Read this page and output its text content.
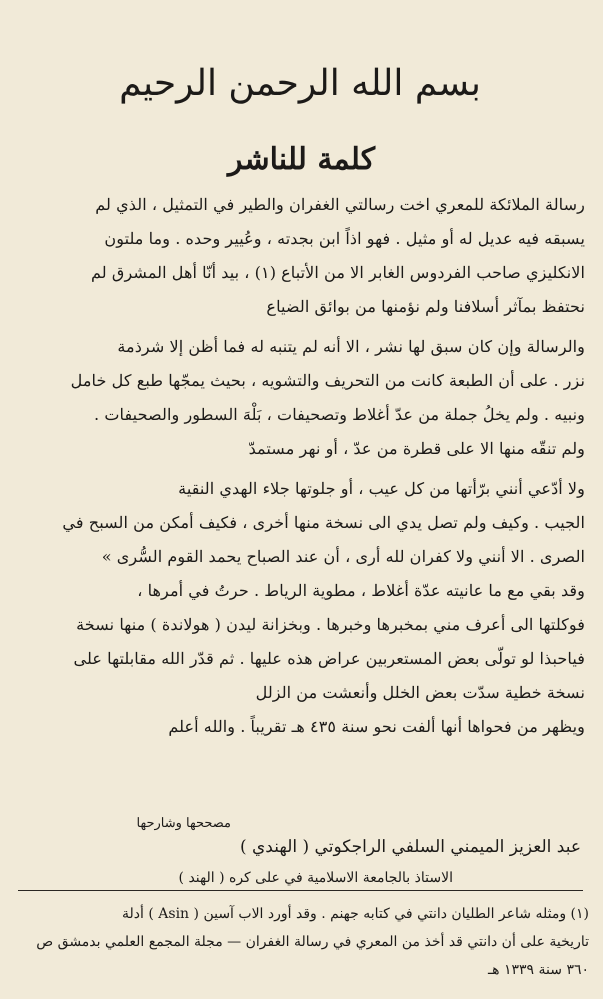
بسم الله الرحمن الرحيم
كلمة للناشر
رسالة الملائكة للمعري اخت رسالتي الغفران والطير في التمثيل ، الذي لم
يسبقه فيه عديل له أو مثيل . فهو اذاً ابن بجدته ، وعُيير وحده . وما ملتون
الانكليزي صاحب الفردوس الغابر الا من الأتباع (١) ، بيد أنّا أهل المشرق لم
نحتفظ بمآثر أسلافنا ولم نؤمنها من بوائق الضياع
والرسالة وإن كان سبق لها نشر ، الا أنه لم يتنبه له فما أظن إلا شرذمة
نزر . على أن الطبعة كانت من التحريف والتشويه ، بحيث يمجّها طبع كل خامل
ونبيه . ولم يخلُ جملة من عدّ أغلاط وتصحيفات ، بَلْهَ السطور والصحيفات .
ولم تنقّه منها الا على قطرة من عدّ ، أو نهر مستمدّ
ولا أدّعي أنني برّأتها من كل عيب ، أو جلوتها جلاء الهدي النقية
الجيب . وكيف ولم تصل يدي الى نسخة منها أخرى ، فكيف أمكن من السبح في
الصرى . الا أنني ولا كفران لله أرى ، أن عند الصباح يحمد القوم السُّرى »
وقد بقي مع ما عانيته عدّة أغلاط ، مطوية الرياط . حرتُ في أمرها ،
فوكلتها الى أعرف مني بمخبرها وخبرها . وبخزانة ليدن ( هولاندة ) منها نسخة
فياحبذا لو تولّى بعض المستعربين عراض هذه عليها . ثم قدّر الله مقابلتها على
نسخة خطية سدّت بعض الخلل وأنعشت من الزلل
ويظهر من فحواها أنها ألفت نحو سنة ٤٣٥ هـ تقريباً . والله أعلم
مصححها وشارحها
عبد العزيز الميمني السلفي الراجكوتي ( الهندي )
الاستاذ بالجامعة الاسلامية في على كره ( الهند )
(١) ومثله شاعر الطليان دانتي في كتابه جهنم . وقد أورد الاب آسين ( Asin ) أدلة
تاريخية على أن دانتي قد أخذ من المعري في رسالة الغفران — مجلة المجمع العلمي بدمشق ص
٣٦٠ سنة ١٣٣٩ هـ
